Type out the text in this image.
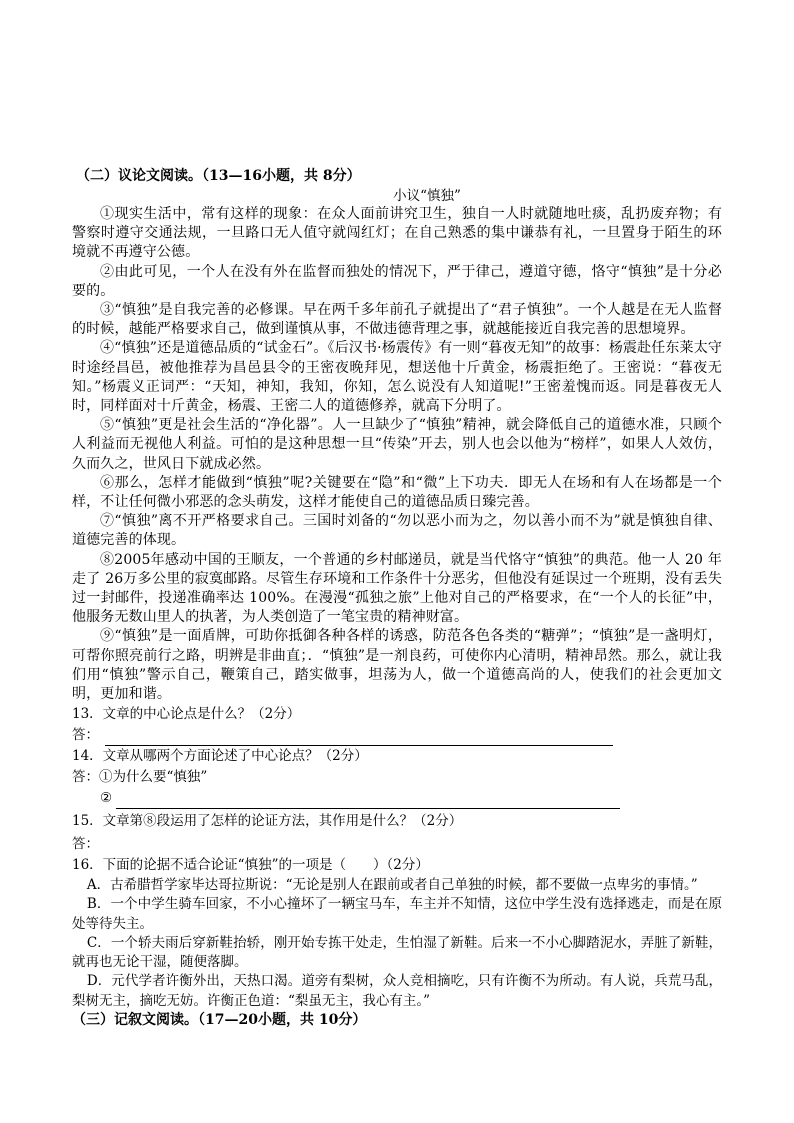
（二）议论文阅读。（13—16小题，共 8分）
小议“慎独”
①现实生活中，常有这样的现象：在众人面前讲究卫生，独自一人时就随地吐痰，乱扔废弃物；有警察时遵守交通法规，一旦路口无人值守就闯红灯；在自己熟悉的集中谦恭有礼，一旦置身于陌生的环境就不再遵守公德。
②由此可见，一个人在没有外在监督而独处的情况下，严于律己，遵道守德，恪守“慎独”是十分必要的。
③“慎独”是自我完善的必修课。早在两千多年前孔子就提出了“君子慎独”。一个人越是在无人监督的时候，越能严格要求自己，做到谨慎从事，不做违德背理之事，就越能接近自我完善的思想境界。
④“慎独”还是道德品质的“试金石”。《后汉书·杨震传》有一则“暮夜无知”的故事：杨震赴任东莱太守时途经昌邑，被他推荐为昌邑县令的王密夜晚拜见，想送他十斤黄金，杨震拒绝了。王密说：“暮夜无知。”杨震义正词严：“天知，神知，我知，你知，怎么说没有人知道呢!”王密羞愧而返。同是暮夜无人时，同样面对十斤黄金，杨震、王密二人的道德修养，就高下分明了。
⑤“慎独”更是社会生活的“净化器”。人一旦缺少了“慎独”精神，就会降低自己的道德水准，只顾个人利益而无视他人利益。可怕的是这种思想一旦“传染”开去，别人也会以他为“榜样”，如果人人效仿，久而久之，世风日下就成必然。
⑥那么，怎样才能做到“慎独”呢?关键要在“隐”和“微”上下功夫．即无人在场和有人在场都是一个样，不让任何微小邪恶的念头萌发，这样才能使自己的道德品质日臻完善。
⑦“慎独”离不开严格要求自己。三国时刘备的“勿以恶小而为之，勿以善小而不为”就是慎独自律、道德完善的体现。
⑧2005年感动中国的王顺友，一个普通的乡村邮递员，就是当代恪守“慎独”的典范。他一人 20 年走了 26万多公里的寂寞邮路。尽管生存环境和工作条件十分恶劣，但他没有延误过一个班期，没有丢失过一封邮件，投递准确率达 100%。在漫漫“孤独之旅”上他对自己的严格要求，在“一个人的长征”中，他服务无数山里人的执著，为人类创造了一笔宝贵的精神财富。
⑨“慎独”是一面盾牌，可助你抵御各种各样的诱惑，防范各色各类的“糖弹”；“慎独”是一盏明灯，可帮你照亮前行之路，明辨是非曲直；．“慎独”是一剂良药，可使你内心清明，精神昂然。那么，就让我们用“慎独”警示自己，鞭策自己，踏实做事，坦荡为人，做一个道德高尚的人，使我们的社会更加文明，更加和谐。
13．文章的中心论点是什么？（2分）
答：
14．文章从哪两个方面论述了中心论点？（2分）
答：①为什么要“慎独”
②
15．文章第⑧段运用了怎样的论证方法，其作用是什么？（2分）
答：
16．下面的论据不适合论证“慎独”的一项是（　　）（2分）
A．古希腊哲学家毕达哥拉斯说：“无论是别人在跟前或者自己单独的时候，都不要做一点卑劣的事情。”
B．一个中学生骑车回家，不小心撞坏了一辆宝马车，车主并不知情，这位中学生没有选择逃走，而是在原处等待失主。
C．一个轿夫雨后穿新鞋抬轿，刚开始专拣干处走，生怕湿了新鞋。后来一不小心脚踏泥水，弄脏了新鞋，就再也无论干湿，随便落脚。
D．元代学者许衡外出，天热口渴。道旁有梨树，众人竞相摘吃，只有许衡不为所动。有人说，兵荒马乱，梨树无主，摘吃无妨。许衡正色道：“梨虽无主，我心有主。”
（三）记叙文阅读。（17—20小题，共 10分）
